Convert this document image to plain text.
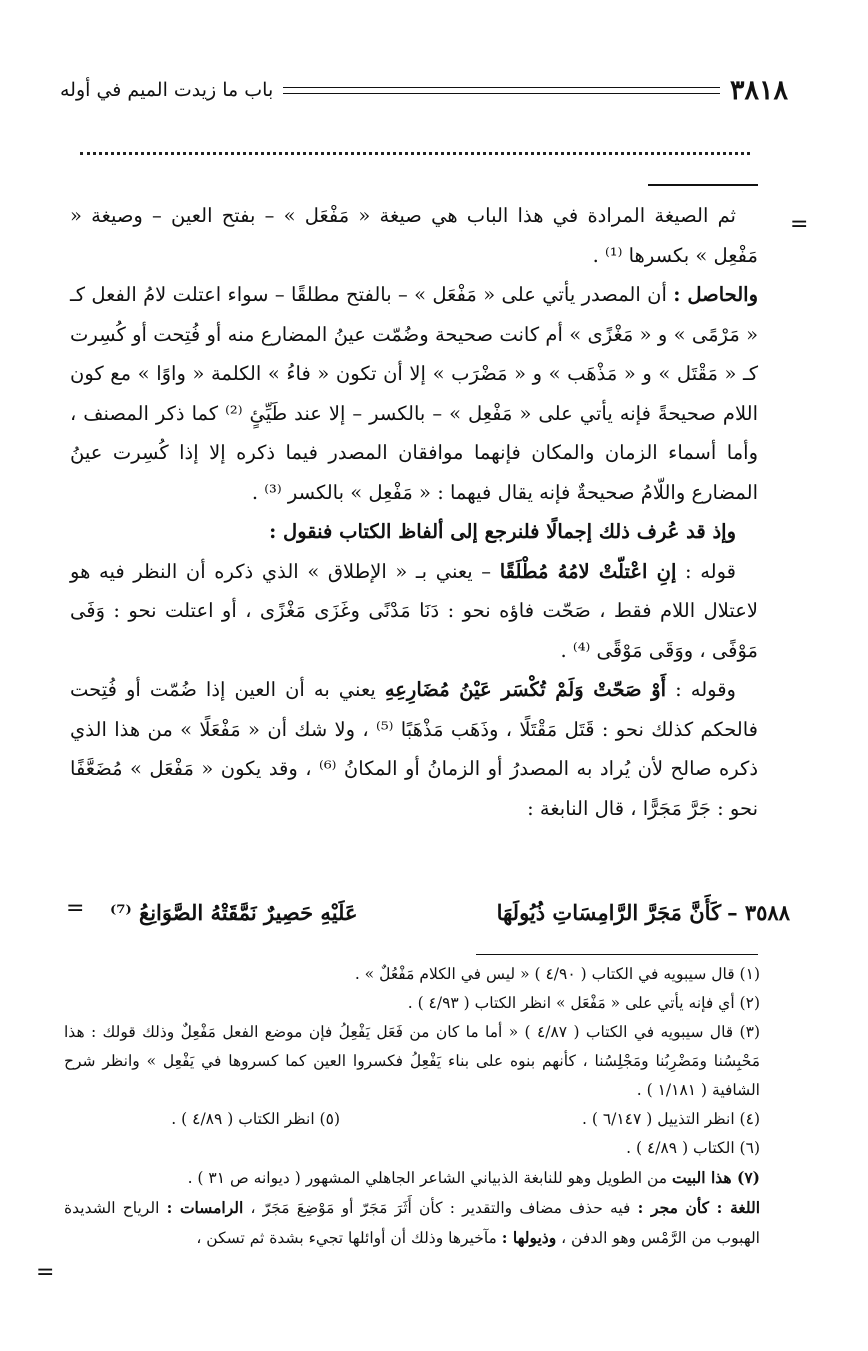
٣٨١٨
باب ما زيدت الميم في أوله
=

ثم الصيغة المرادة في هذا الباب هي صيغة « مَفْعَل » – بفتح العين – وصيغة « مَفْعِل » بكسرها ⁽¹⁾ .

والحاصل : أن المصدر يأتي على « مَفْعَل » – بالفتح مطلقًا – سواء اعتلت لامُ الفعل كـ « مَرْمًى » و « مَغْزًى » أم كانت صحيحة وضُمّت عينُ المضارع منه أو فُتِحت أو كُسِرت كـ « مَقْتَل » و « مَذْهَب » و « مَضْرَب » إلا أن تكون « فاءُ » الكلمة « واوًا » مع كون اللام صحيحةً فإنه يأتي على « مَفْعِل » – بالكسر – إلا عند طَيِّئٍ ⁽²⁾ كما ذكر المصنف ، وأما أسماء الزمان والمكان فإنهما موافقان المصدر فيما ذكره إلا إذا كُسِرت عينُ المضارع واللّامُ صحيحةٌ فإنه يقال فيهما : « مَفْعِل » بالكسر ⁽³⁾ .

وإذ قد عُرف ذلك إجمالًا فلنرجع إلى ألفاظ الكتاب فنقول :

قوله : إنِ اعْتلّتْ لامُهُ مُطْلَقًا – يعني بـ « الإطلاق » الذي ذكره أن النظر فيه هو لاعتلال اللام فقط ، صَحّت فاؤه نحو : دَنَا مَدْنًى وغَزَى مَغْزًى ، أو اعتلت نحو : وَفَى مَوْفًى ، ووَقَى مَوْقًى ⁽⁴⁾ .

وقوله : أَوْ صَحّتْ وَلَمْ تُكْسَر عَيْنُ مُضَارِعِهِ يعني به أن العين إذا ضُمّت أو فُتِحت فالحكم كذلك نحو : قَتَل مَقْتَلًا ، وذَهَب مَذْهَبًا ⁽⁵⁾ ، ولا شك أن « مَفْعَلًا » من هذا الذي ذكره صالح لأن يُراد به المصدرُ أو الزمانُ أو المكانُ ⁽⁶⁾ ، وقد يكون « مَفْعَل » مُضَعَّفًا نحو : جَرَّ مَجَرًّا ، قال النابغة :

٣٥٨٨ –كَأَنَّ مَجَرَّ الرَّامِسَاتِ ذُيُولَهَا
عَلَيْهِ حَصِيرٌ نَمَّقَتْهُ الصَّوَانِعُ ⁽⁷⁾
=

(١) قال سيبويه في الكتاب ( ٤/٩٠ ) « ليس في الكلام مَفْعُلٌ » .

(٢) أي فإنه يأتي على « مَفْعَل » انظر الكتاب ( ٤/٩٣ ) .

(٣) قال سيبويه في الكتاب ( ٤/٨٧ ) « أما ما كان من فَعَل يَفْعِلُ فإن موضع الفعل مَفْعِلٌ وذلك قولك : هذا مَحْبِسُنا ومَضْرِبُنا ومَجْلِسُنا ، كأنهم بنوه على بناء يَفْعِلُ فكسروا العين كما كسروها في يَفْعِل » وانظر شرح الشافية ( ١/١٨١ ) .

(٤) انظر التذييل ( ٦/١٤٧ ) .
(٥) انظر الكتاب ( ٤/٨٩ ) .

(٦) الكتاب ( ٤/٨٩ ) .

(٧) هذا البيت من الطويل وهو للنابغة الذبياني الشاعر الجاهلي المشهور ( ديوانه ص ٣١ ) .

اللغة : كأن مجر : فيه حذف مضاف والتقدير : كأن أَثَرَ مَجَرّ أو مَوْضِعَ مَجَرّ ، الرامسات : الرياح الشديدة الهبوب من الرَّمْس وهو الدفن ، وذيولها : مآخيرها وذلك أن أوائلها تجيء بشدة ثم تسكن ،

=
